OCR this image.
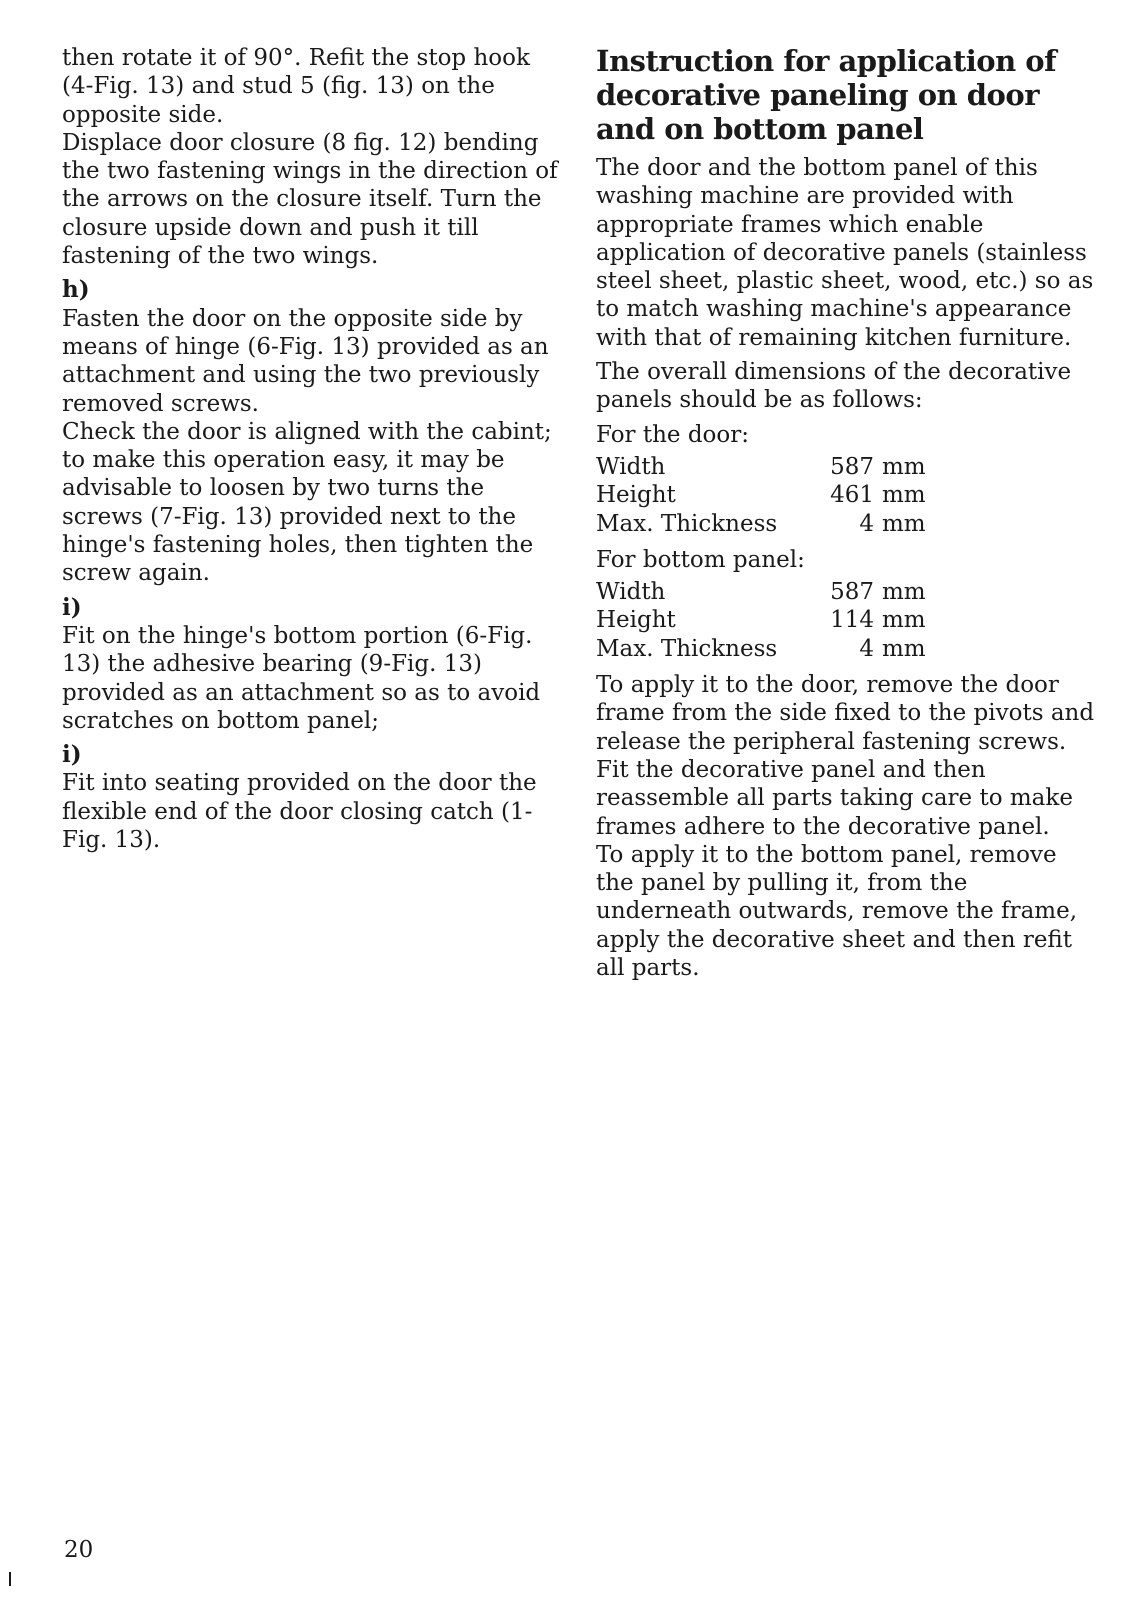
then rotate it of 90°. Refit the stop hook (4-Fig. 13) and stud 5 (fig. 13) on the opposite side.

Displace door closure (8 fig. 12) bending the two fastening wings in the direction of the arrows on the closure itself. Turn the closure upside down and push it till fastening of the two wings.

h)

Fasten the door on the opposite side by means of hinge (6-Fig. 13) provided as an attachment and using the two previously removed screws.

Check the door is aligned with the cabint; to make this operation easy, it may be advisable to loosen by two turns the screws (7-Fig. 13) provided next to the hinge's fastening holes, then tighten the screw again.

i)

Fit on the hinge's bottom portion (6-Fig. 13) the adhesive bearing (9-Fig. 13) provided as an attachment so as to avoid scratches on bottom panel;

i)

Fit into seating provided on the door the flexible end of the door closing catch (1-Fig. 13).

Instruction for application of decorative paneling on door and on bottom panel

The door and the bottom panel of this washing machine are provided with appropriate frames which enable application of decorative panels (stainless steel sheet, plastic sheet, wood, etc.) so as to match washing machine's appearance with that of remaining kitchen furniture.

The overall dimensions of the decorative panels should be as follows:

For the door:

Width	587	mm
Height	461	mm
Max. Thickness	4	mm

For bottom panel:

Width	587	mm
Height	114	mm
Max. Thickness	4	mm

To apply it to the door, remove the door frame from the side fixed to the pivots and release the peripheral fastening screws.

Fit the decorative panel and then reassemble all parts taking care to make frames adhere to the decorative panel.

To apply it to the bottom panel, remove the panel by pulling it, from the underneath outwards, remove the frame, apply the decorative sheet and then refit all parts.

20
